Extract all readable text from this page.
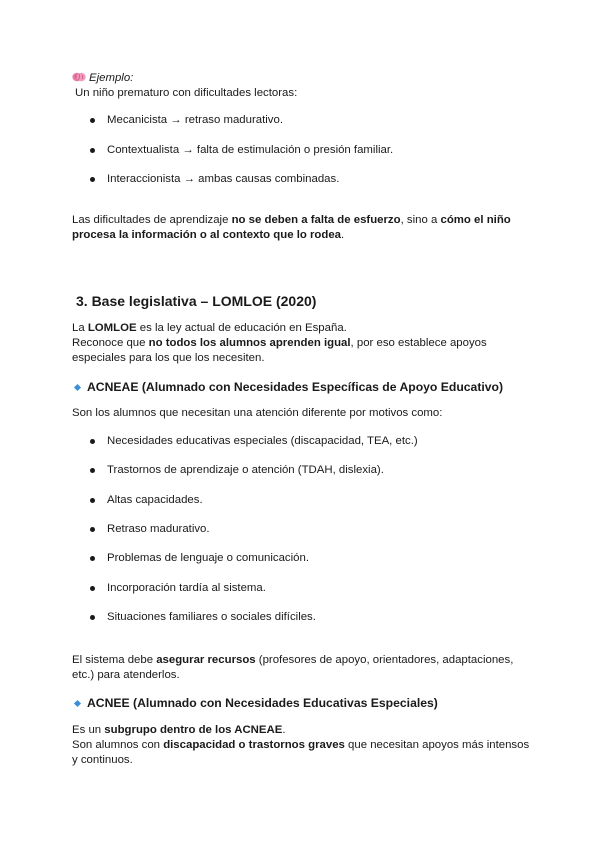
Ejemplo:
Un niño prematuro con dificultades lectoras:
Mecanicista → retraso madurativo.
Contextualista → falta de estimulación o presión familiar.
Interaccionista → ambas causas combinadas.
Las dificultades de aprendizaje no se deben a falta de esfuerzo, sino a cómo el niño procesa la información o al contexto que lo rodea.
3. Base legislativa – LOMLOE (2020)
La LOMLOE es la ley actual de educación en España.
Reconoce que no todos los alumnos aprenden igual, por eso establece apoyos especiales para los que los necesiten.
ACNEAE (Alumnado con Necesidades Específicas de Apoyo Educativo)
Son los alumnos que necesitan una atención diferente por motivos como:
Necesidades educativas especiales (discapacidad, TEA, etc.)
Trastornos de aprendizaje o atención (TDAH, dislexia).
Altas capacidades.
Retraso madurativo.
Problemas de lenguaje o comunicación.
Incorporación tardía al sistema.
Situaciones familiares o sociales difíciles.
El sistema debe asegurar recursos (profesores de apoyo, orientadores, adaptaciones, etc.) para atenderlos.
ACNEE (Alumnado con Necesidades Educativas Especiales)
Es un subgrupo dentro de los ACNEAE.
Son alumnos con discapacidad o trastornos graves que necesitan apoyos más intensos y continuos.
